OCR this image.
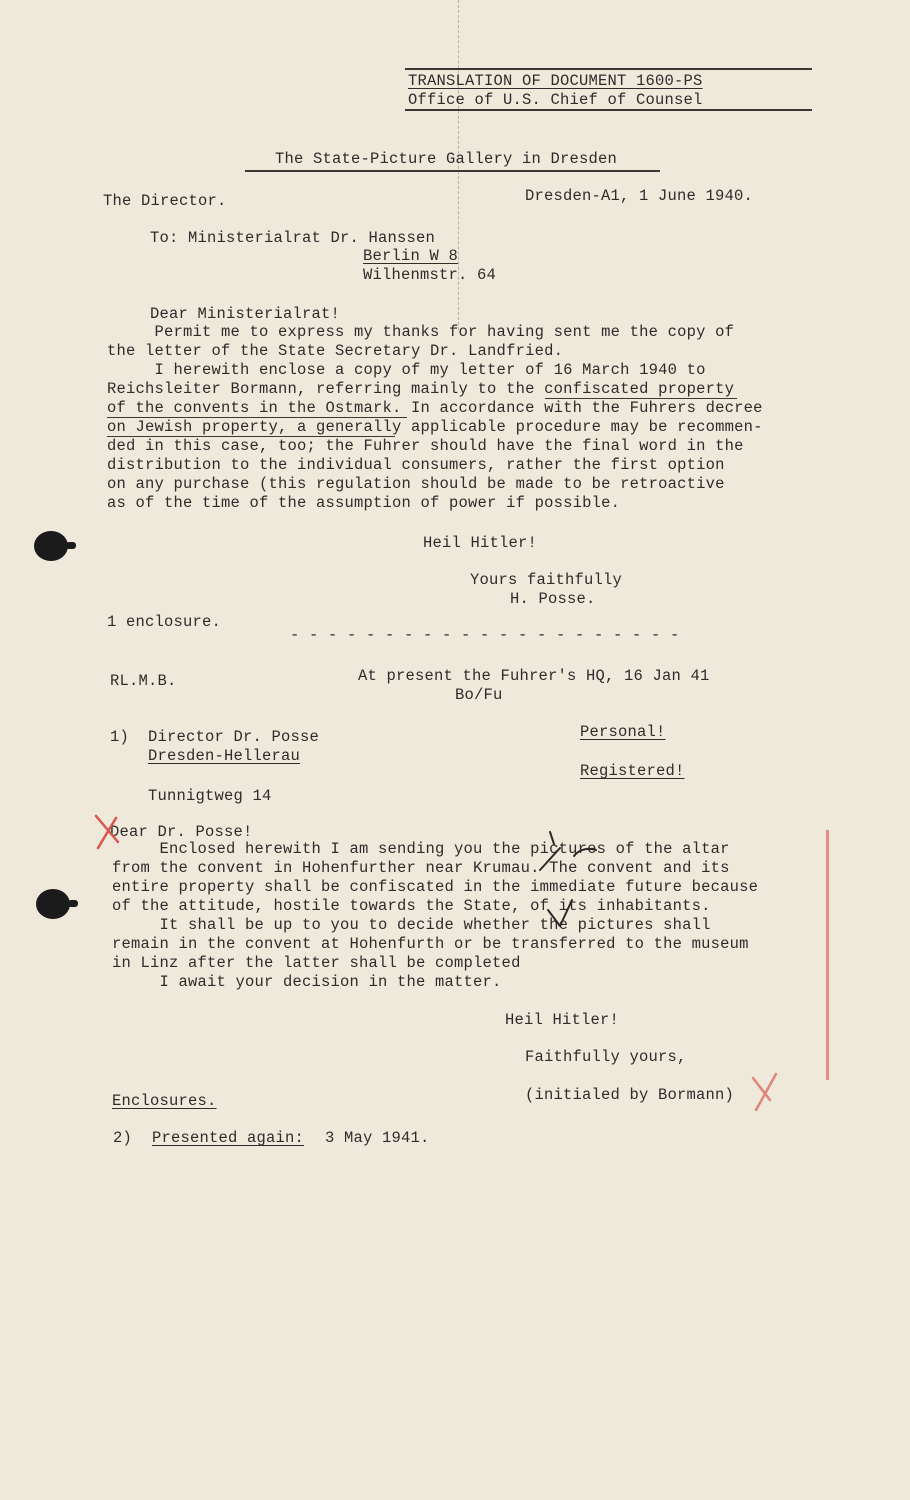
TRANSLATION OF DOCUMENT 1600-PS
Office of U.S. Chief of Counsel
The State-Picture Gallery in Dresden
The Director.	Dresden-A1, 1 June 1940.
To: Ministerialrat Dr. Hanssen
Berlin W 8
Wilhenmstr. 64
Dear Ministerialrat!
Permit me to express my thanks for having sent me the copy of
the letter of the State Secretary Dr. Landfried.
I herewith enclose a copy of my letter of 16 March 1940 to
Reichsleiter Bormann, referring mainly to the confiscated property
of the convents in the Ostmark. In accordance with the Fuhrers decree
on Jewish property, a generally applicable procedure may be recommen-
ded in this case, too; the Fuhrer should have the final word in the
distribution to the individual consumers, rather the first option
on any purchase (this regulation should be made to be retroactive
as of the time of the assumption of power if possible.
Heil Hitler!
Yours faithfully
H. Posse.
1 enclosure.
- - - - - - - - - - - - - - - - - - - - -
RL.M.B.	At present the Fuhrer's HQ, 16 Jan 41
Bo/Fu
1) Director Dr. Posse
Dresden-Hellerau
Tunnigtweg 14
Personal!
Registered!
Dear Dr. Posse!
Enclosed herewith I am sending you the pictures of the altar
from the convent in Hohenfurther near Krumau. The convent and its
entire property shall be confiscated in the immediate future because
of the attitude, hostile towards the State, of its inhabitants.
It shall be up to you to decide whether the pictures shall
remain in the convent at Hohenfurth or be transferred to the museum
in Linz after the latter shall be completed
I await your decision in the matter.
Heil Hitler!
Faithfully yours,
(initialed by Bormann)
Enclosures.
2) Presented again: 3 May 1941.
